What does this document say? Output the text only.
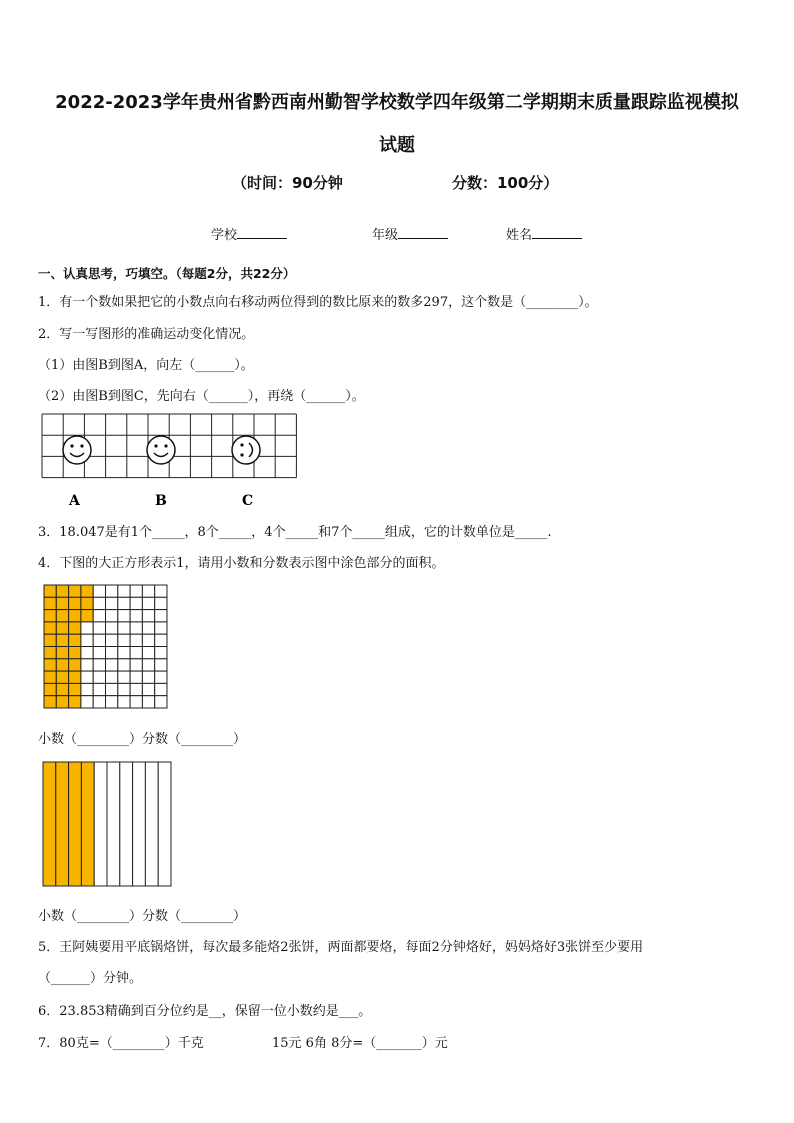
2022-2023学年贵州省黔西南州勤智学校数学四年级第二学期期末质量跟踪监视模拟
试题
（时间：90分钟	分数：100分）
学校	年级	姓名
一、认真思考，巧填空。（每题2分，共22分）
1．有一个数如果把它的小数点向右移动两位得到的数比原来的数多297，这个数是（________）。
2．写一写图形的准确运动变化情况。
（1）由图B到图A，向左（______）。
（2）由图B到图C，先向右（______），再绕（______）。
A	B	C
3．18.047是有1个_____，8个_____，4个_____和7个_____组成，它的计数单位是_____.
4．下图的大正方形表示1，请用小数和分数表示图中涂色部分的面积。
小数（________）分数（________）
小数（________）分数（________）
5．王阿姨要用平底锅烙饼，每次最多能烙2张饼，两面都要烙，每面2分钟烙好，妈妈烙好3张饼至少要用
（______）分钟。
6．23.853精确到百分位约是__，保留一位小数约是___。
7．80克=（________）千克	15元 6角 8分=（_______）元
